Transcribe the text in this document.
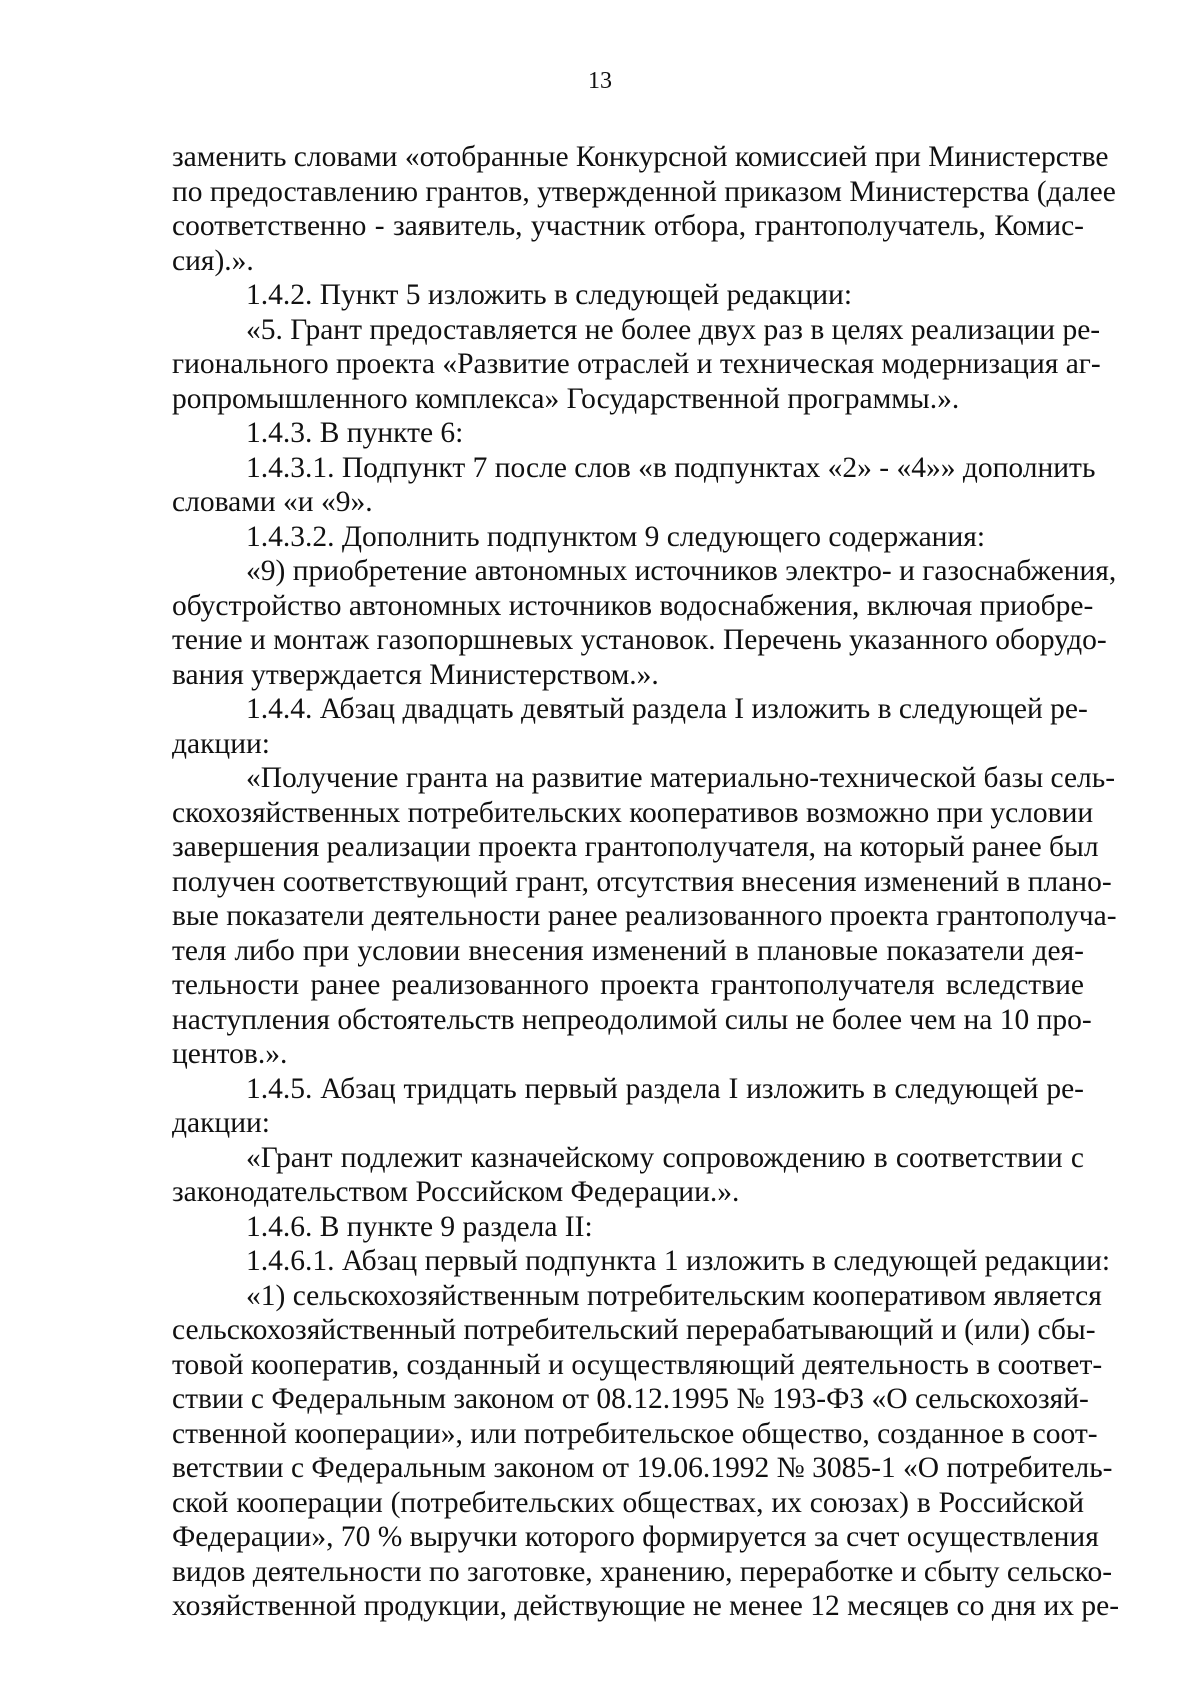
13
заменить словами «отобранные Конкурсной комиссией при Министерстве
по предоставлению грантов, утвержденной приказом Министерства (далее
соответственно - заявитель, участник отбора, грантополучатель, Комис-
сия).».
1.4.2. Пункт 5 изложить в следующей редакции:
«5. Грант предоставляется не более двух раз в целях реализации ре-
гионального проекта «Развитие отраслей и техническая модернизация аг-
ропромышленного комплекса» Государственной программы.».
1.4.3. В пункте 6:
1.4.3.1. Подпункт 7 после слов «в подпунктах «2» - «4»» дополнить
словами «и «9».
1.4.3.2. Дополнить подпунктом 9 следующего содержания:
«9) приобретение автономных источников электро- и газоснабжения,
обустройство автономных источников водоснабжения, включая приобре-
тение и монтаж газопоршневых установок. Перечень указанного оборудо-
вания утверждается Министерством.».
1.4.4. Абзац двадцать девятый раздела I изложить в следующей ре-
дакции:
«Получение гранта на развитие материально-технической базы сель-
скохозяйственных потребительских кооперативов возможно при условии
завершения реализации проекта грантополучателя, на который ранее был
получен соответствующий грант, отсутствия внесения изменений в плано-
вые показатели деятельности ранее реализованного проекта грантополуча-
теля либо при условии внесения изменений в плановые показатели дея-
тельности ранее реализованного проекта грантополучателя вследствие
наступления обстоятельств непреодолимой силы не более чем на 10 про-
центов.».
1.4.5. Абзац тридцать первый раздела I изложить в следующей ре-
дакции:
«Грант подлежит казначейскому сопровождению в соответствии с
законодательством Российском Федерации.».
1.4.6. В пункте 9 раздела II:
1.4.6.1. Абзац первый подпункта 1 изложить в следующей редакции:
«1) сельскохозяйственным потребительским кооперативом является
сельскохозяйственный потребительский перерабатывающий и (или) сбы-
товой кооператив, созданный и осуществляющий деятельность в соответ-
ствии с Федеральным законом от 08.12.1995 № 193-ФЗ «О сельскохозяй-
ственной кооперации», или потребительское общество, созданное в соот-
ветствии с Федеральным законом от 19.06.1992 № 3085-1 «О потребитель-
ской кооперации (потребительских обществах, их союзах) в Российской
Федерации», 70 % выручки которого формируется за счет осуществления
видов деятельности по заготовке, хранению, переработке и сбыту сельско-
хозяйственной продукции, действующие не менее 12 месяцев со дня их ре-
